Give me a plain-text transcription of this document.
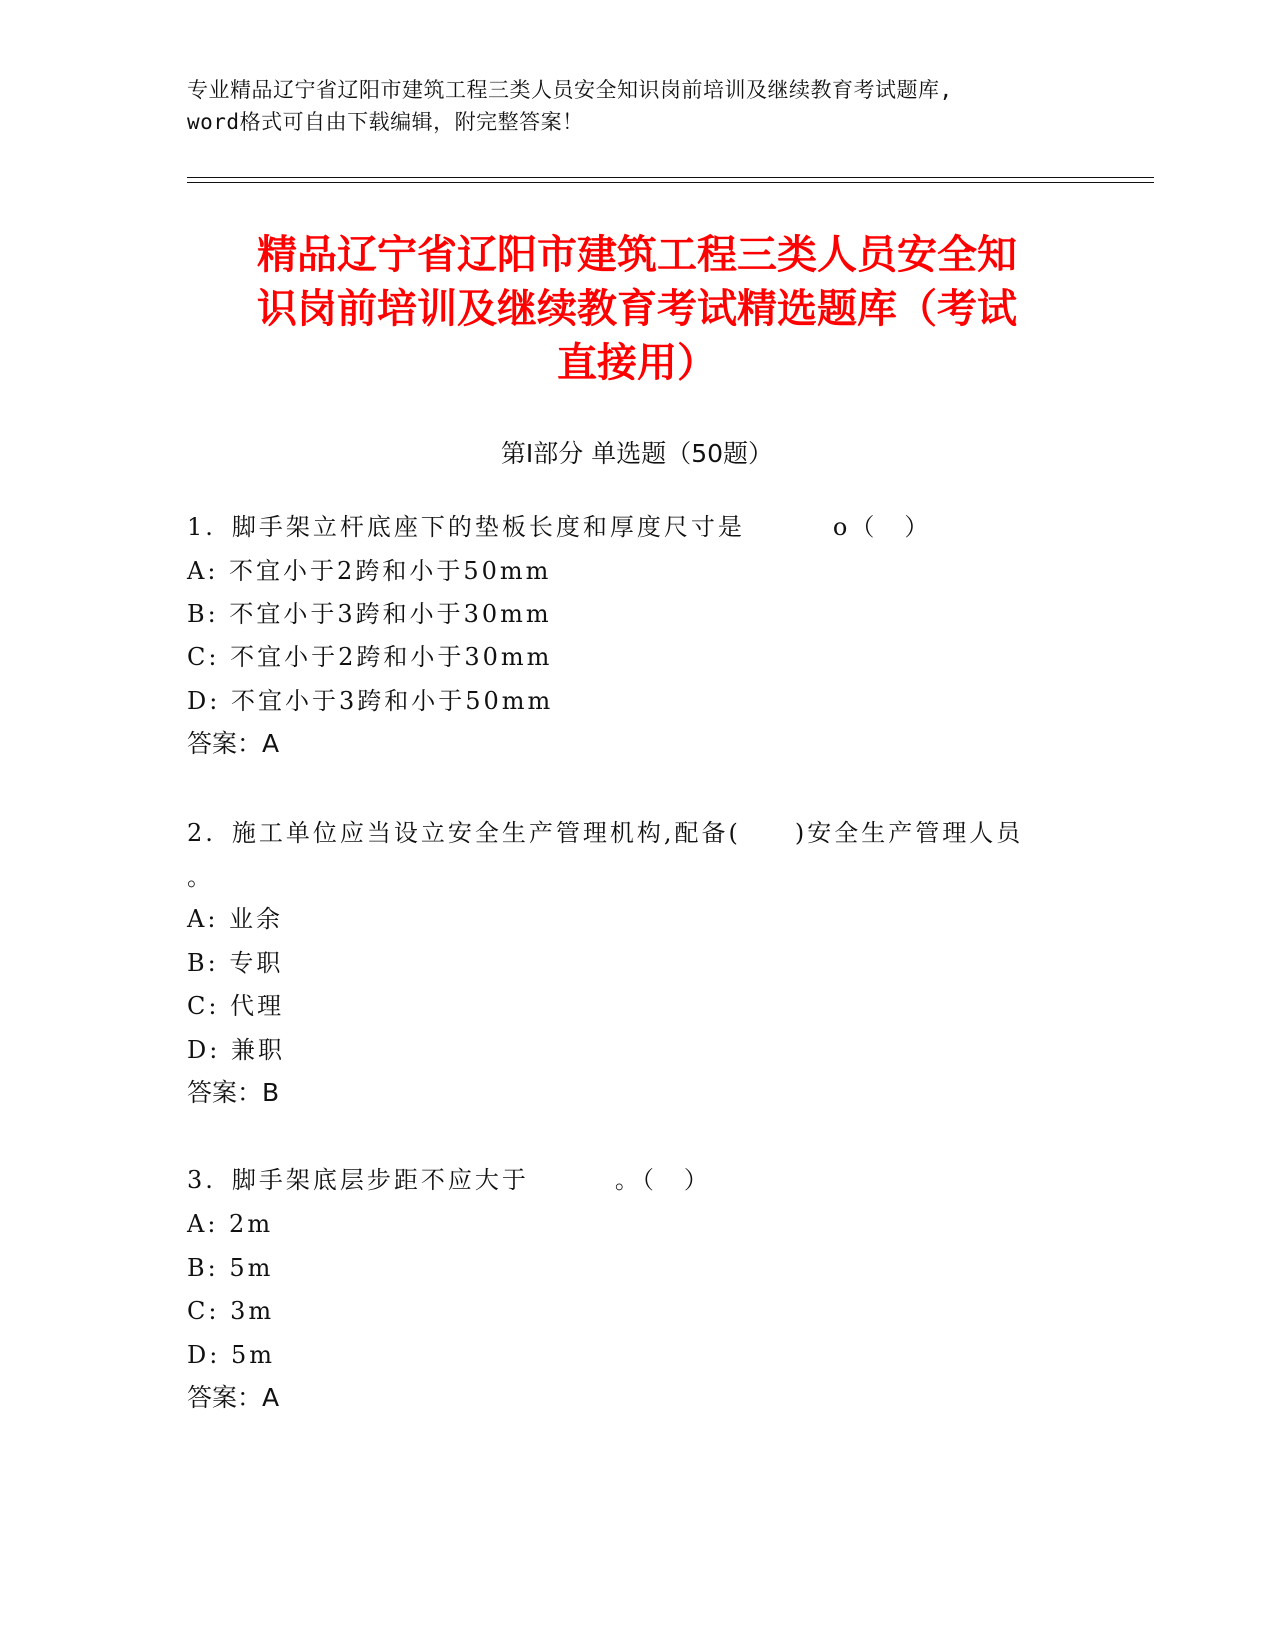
专业精品辽宁省辽阳市建筑工程三类人员安全知识岗前培训及继续教育考试题库,
word格式可自由下载编辑，附完整答案！
精品辽宁省辽阳市建筑工程三类人员安全知
识岗前培训及继续教育考试精选题库（考试
直接用）
第Ⅰ部分 单选题（50题）
1. 脚手架立杆底座下的垫板长度和厚度尺寸是	o（　）
A: 不宜小于2跨和小于50mm
B: 不宜小于3跨和小于30mm
C: 不宜小于2跨和小于30mm
D: 不宜小于3跨和小于50mm
答案：A
2. 施工单位应当设立安全生产管理机构,配备(　　)安全生产管理人员
。
A: 业余
B: 专职
C: 代理
D: 兼职
答案：B
3. 脚手架底层步距不应大于	。（　）
A: 2m
B: 5m
C: 3m
D: 5m
答案：A
